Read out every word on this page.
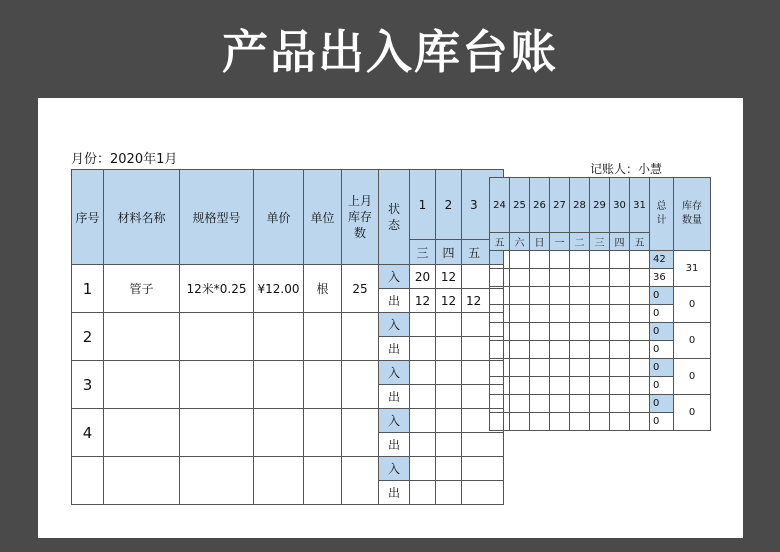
产品出入库台账
月份：2020年1月
记账人：小慧
序号	材料名称	规格型号	单价	单位	上月库存数	状态	1	2	3
							三	四	五
1	管子	12米*0.25	¥12.00	根	25	入	20	12	
						出	12	12	12
2						入			
						出			
3						入			
						出			
4						入			
						出			
						入			
						出			
24	25	26	27	28	29	30	31	总计	库存数量
五	六	日	一	二	三	四	五		
								42	31
								36	
								0	0
								0	
								0	0
								0	
								0	0
								0	
								0	0
								0	
